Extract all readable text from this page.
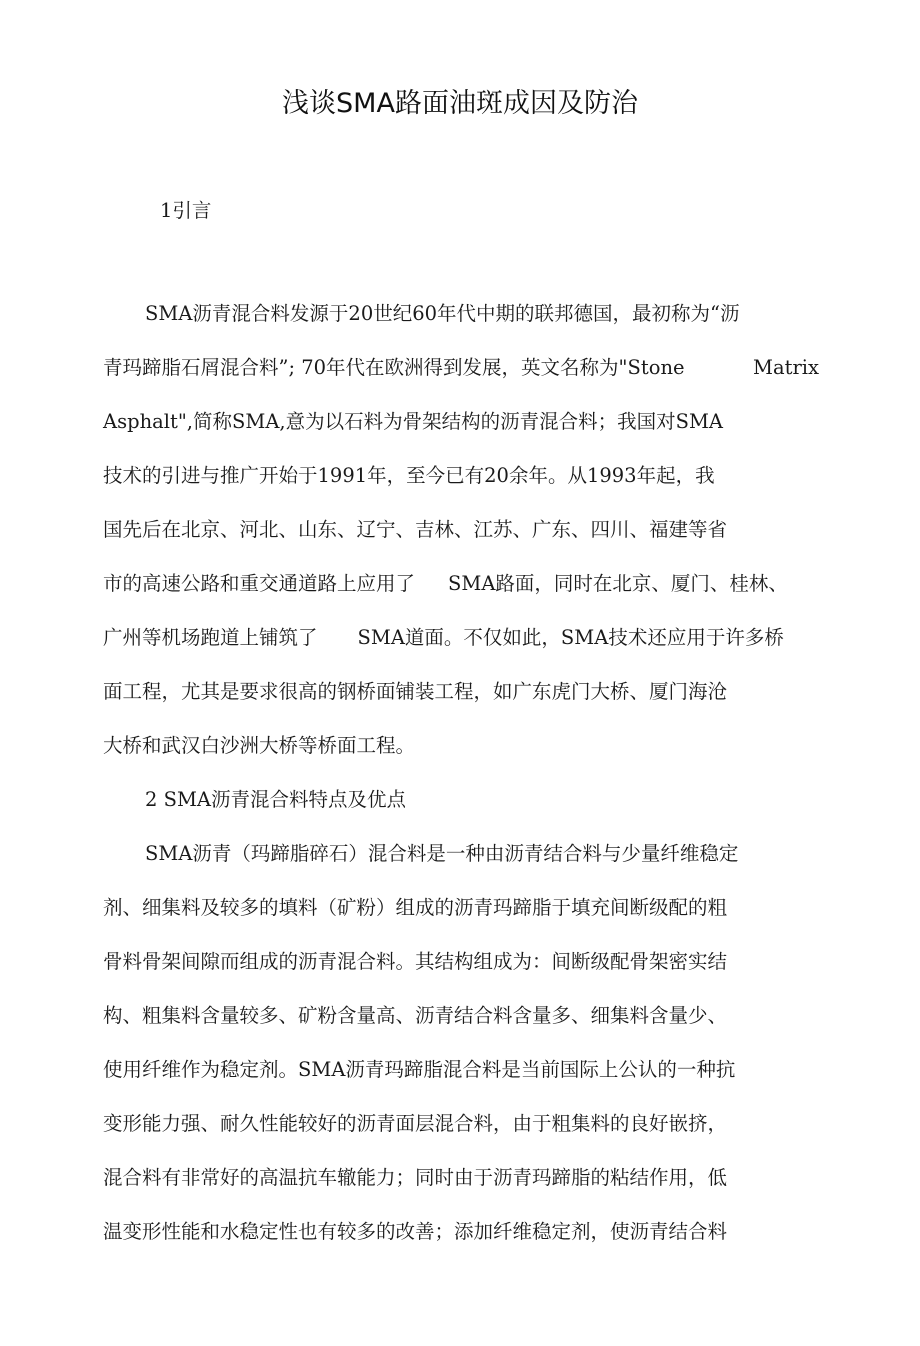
浅谈SMA路面油斑成因及防治

1引言

SMA沥青混合料发源于20世纪60年代中期的联邦德国，最初称为“沥

青玛蹄脂石屑混合料”; 70年代在欧洲得到发展，英文名称为"Stone	Matrix

Asphalt",简称SMA,意为以石料为骨架结构的沥青混合料；我国对SMA

技术的引进与推广开始于1991年，至今已有20余年。从1993年起，我

国先后在北京、河北、山东、辽宁、吉林、江苏、广东、四川、福建等省

市的高速公路和重交通道路上应用了 SMA路面，同时在北京、厦门、桂林、

广州等机场跑道上铺筑了 SMA道面。不仅如此，SMA技术还应用于许多桥

面工程，尤其是要求很高的钢桥面铺装工程，如广东虎门大桥、厦门海沧

大桥和武汉白沙洲大桥等桥面工程。

2 SMA沥青混合料特点及优点

SMA沥青（玛蹄脂碎石）混合料是一种由沥青结合料与少量纤维稳定

剂、细集料及较多的填料（矿粉）组成的沥青玛蹄脂于填充间断级配的粗

骨料骨架间隙而组成的沥青混合料。其结构组成为：间断级配骨架密实结

构、粗集料含量较多、矿粉含量高、沥青结合料含量多、细集料含量少、

使用纤维作为稳定剂。SMA沥青玛蹄脂混合料是当前国际上公认的一种抗

变形能力强、耐久性能较好的沥青面层混合料，由于粗集料的良好嵌挤，

混合料有非常好的高温抗车辙能力；同时由于沥青玛蹄脂的粘结作用，低

温变形性能和水稳定性也有较多的改善；添加纤维稳定剂，使沥青结合料
